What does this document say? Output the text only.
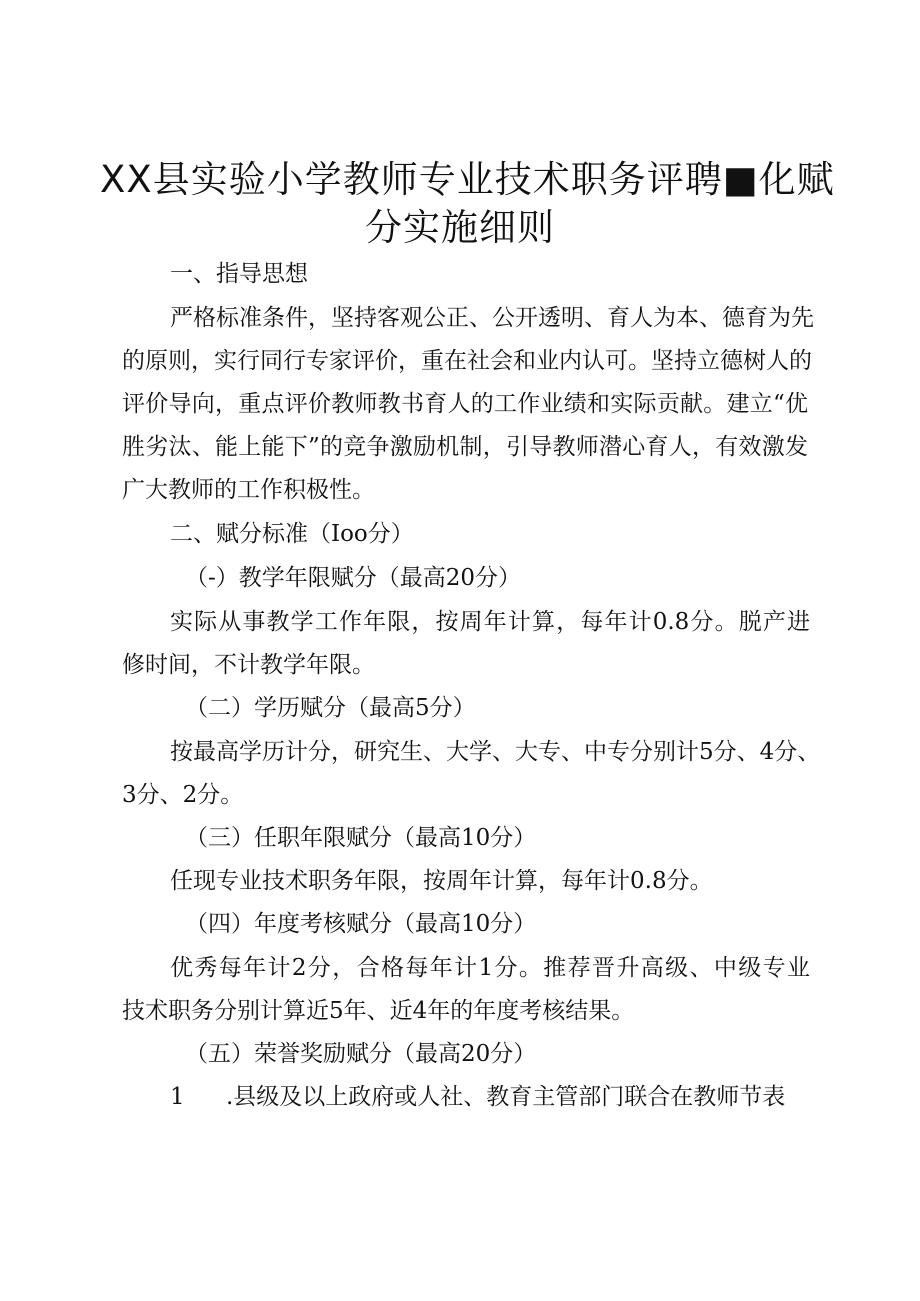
XX县实验小学教师专业技术职务评聘■化赋
分实施细则

一、指导思想

严格标准条件，坚持客观公正、公开透明、育人为本、德育为先

的原则，实行同行专家评价，重在社会和业内认可。坚持立德树人的

评价导向，重点评价教师教书育人的工作业绩和实际贡献。建立“优

胜劣汰、能上能下”的竞争激励机制，引导教师潜心育人，有效激发

广大教师的工作积极性。

二、赋分标准（Ioo分）

（-）教学年限赋分（最高20分）

实际从事教学工作年限，按周年计算，每年计0.8分。脱产进

修时间，不计教学年限。

（二）学历赋分（最高5分）

按最高学历计分，研究生、大学、大专、中专分别计5分、4分、

3分、2分。

（三）任职年限赋分（最高10分）

任现专业技术职务年限，按周年计算，每年计0.8分。

（四）年度考核赋分（最高10分）

优秀每年计2分，合格每年计1分。推荐晋升高级、中级专业

技术职务分别计算近5年、近4年的年度考核结果。

（五）荣誉奖励赋分（最高20分）

1 .县级及以上政府或人社、教育主管部门联合在教师节表
